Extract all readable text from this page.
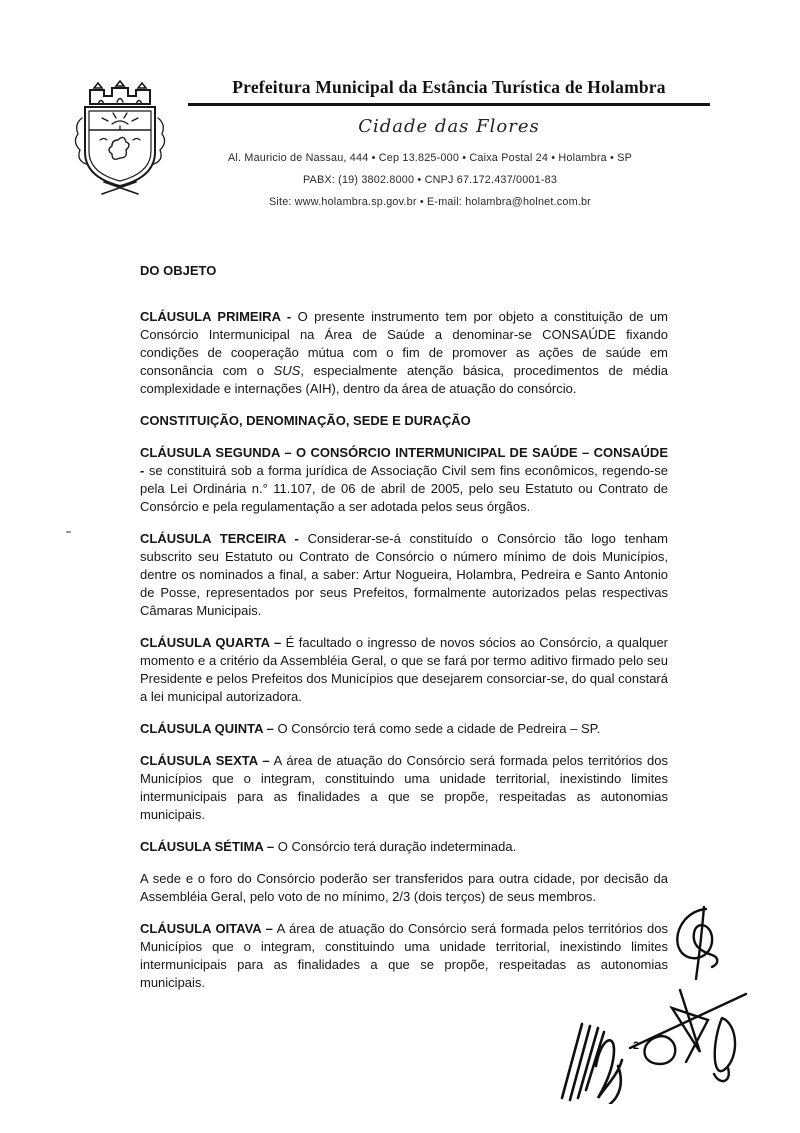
Prefeitura Municipal da Estância Turística de Holambra
Cidade das Flores
Al. Mauricio de Nassau, 444 • Cep 13.825-000 • Caixa Postal 24 • Holambra • SP
PABX: (19) 3802.8000 • CNPJ 67.172.437/0001-83
Site: www.holambra.sp.gov.br • E-mail: holambra@holnet.com.br

DO OBJETO

CLÁUSULA PRIMEIRA - O presente instrumento tem por objeto a constituição de um Consórcio Intermunicipal na Área de Saúde a denominar-se CONSAÚDE fixando condições de cooperação mútua com o fim de promover as ações de saúde em consonância com o SUS, especialmente atenção básica, procedimentos de média complexidade e internações (AIH), dentro da área de atuação do consórcio.

CONSTITUIÇÃO, DENOMINAÇÃO, SEDE E DURAÇÃO

CLÁUSULA SEGUNDA – O CONSÓRCIO INTERMUNICIPAL DE SAÚDE – CONSAÚDE - se constituirá sob a forma jurídica de Associação Civil sem fins econômicos, regendo-se pela Lei Ordinária n.° 11.107, de 06 de abril de 2005, pelo seu Estatuto ou Contrato de Consórcio e pela regulamentação a ser adotada pelos seus órgãos.

CLÁUSULA TERCEIRA - Considerar-se-á constituído o Consórcio tão logo tenham subscrito seu Estatuto ou Contrato de Consórcio o número mínimo de dois Municípios, dentre os nominados a final, a saber: Artur Nogueira, Holambra, Pedreira e Santo Antonio de Posse, representados por seus Prefeitos, formalmente autorizados pelas respectivas Câmaras Municipais.

CLÁUSULA QUARTA – É facultado o ingresso de novos sócios ao Consórcio, a qualquer momento e a critério da Assembléia Geral, o que se fará por termo aditivo firmado pelo seu Presidente e pelos Prefeitos dos Municípios que desejarem consorciar-se, do qual constará a lei municipal autorizadora.

CLÁUSULA QUINTA – O Consórcio terá como sede a cidade de Pedreira – SP.

CLÁUSULA SEXTA – A área de atuação do Consórcio será formada pelos territórios dos Municípios que o integram, constituindo uma unidade territorial, inexistindo limites intermunicipais para as finalidades a que se propõe, respeitadas as autonomias municipais.

CLÁUSULA SÉTIMA – O Consórcio terá duração indeterminada.

A sede e o foro do Consórcio poderão ser transferidos para outra cidade, por decisão da Assembléia Geral, pelo voto de no mínimo, 2/3 (dois terços) de seus membros.

CLÁUSULA OITAVA – A área de atuação do Consórcio será formada pelos territórios dos Municípios que o integram, constituindo uma unidade territorial, inexistindo limites intermunicipais para as finalidades a que se propõe, respeitadas as autonomias municipais.

2
